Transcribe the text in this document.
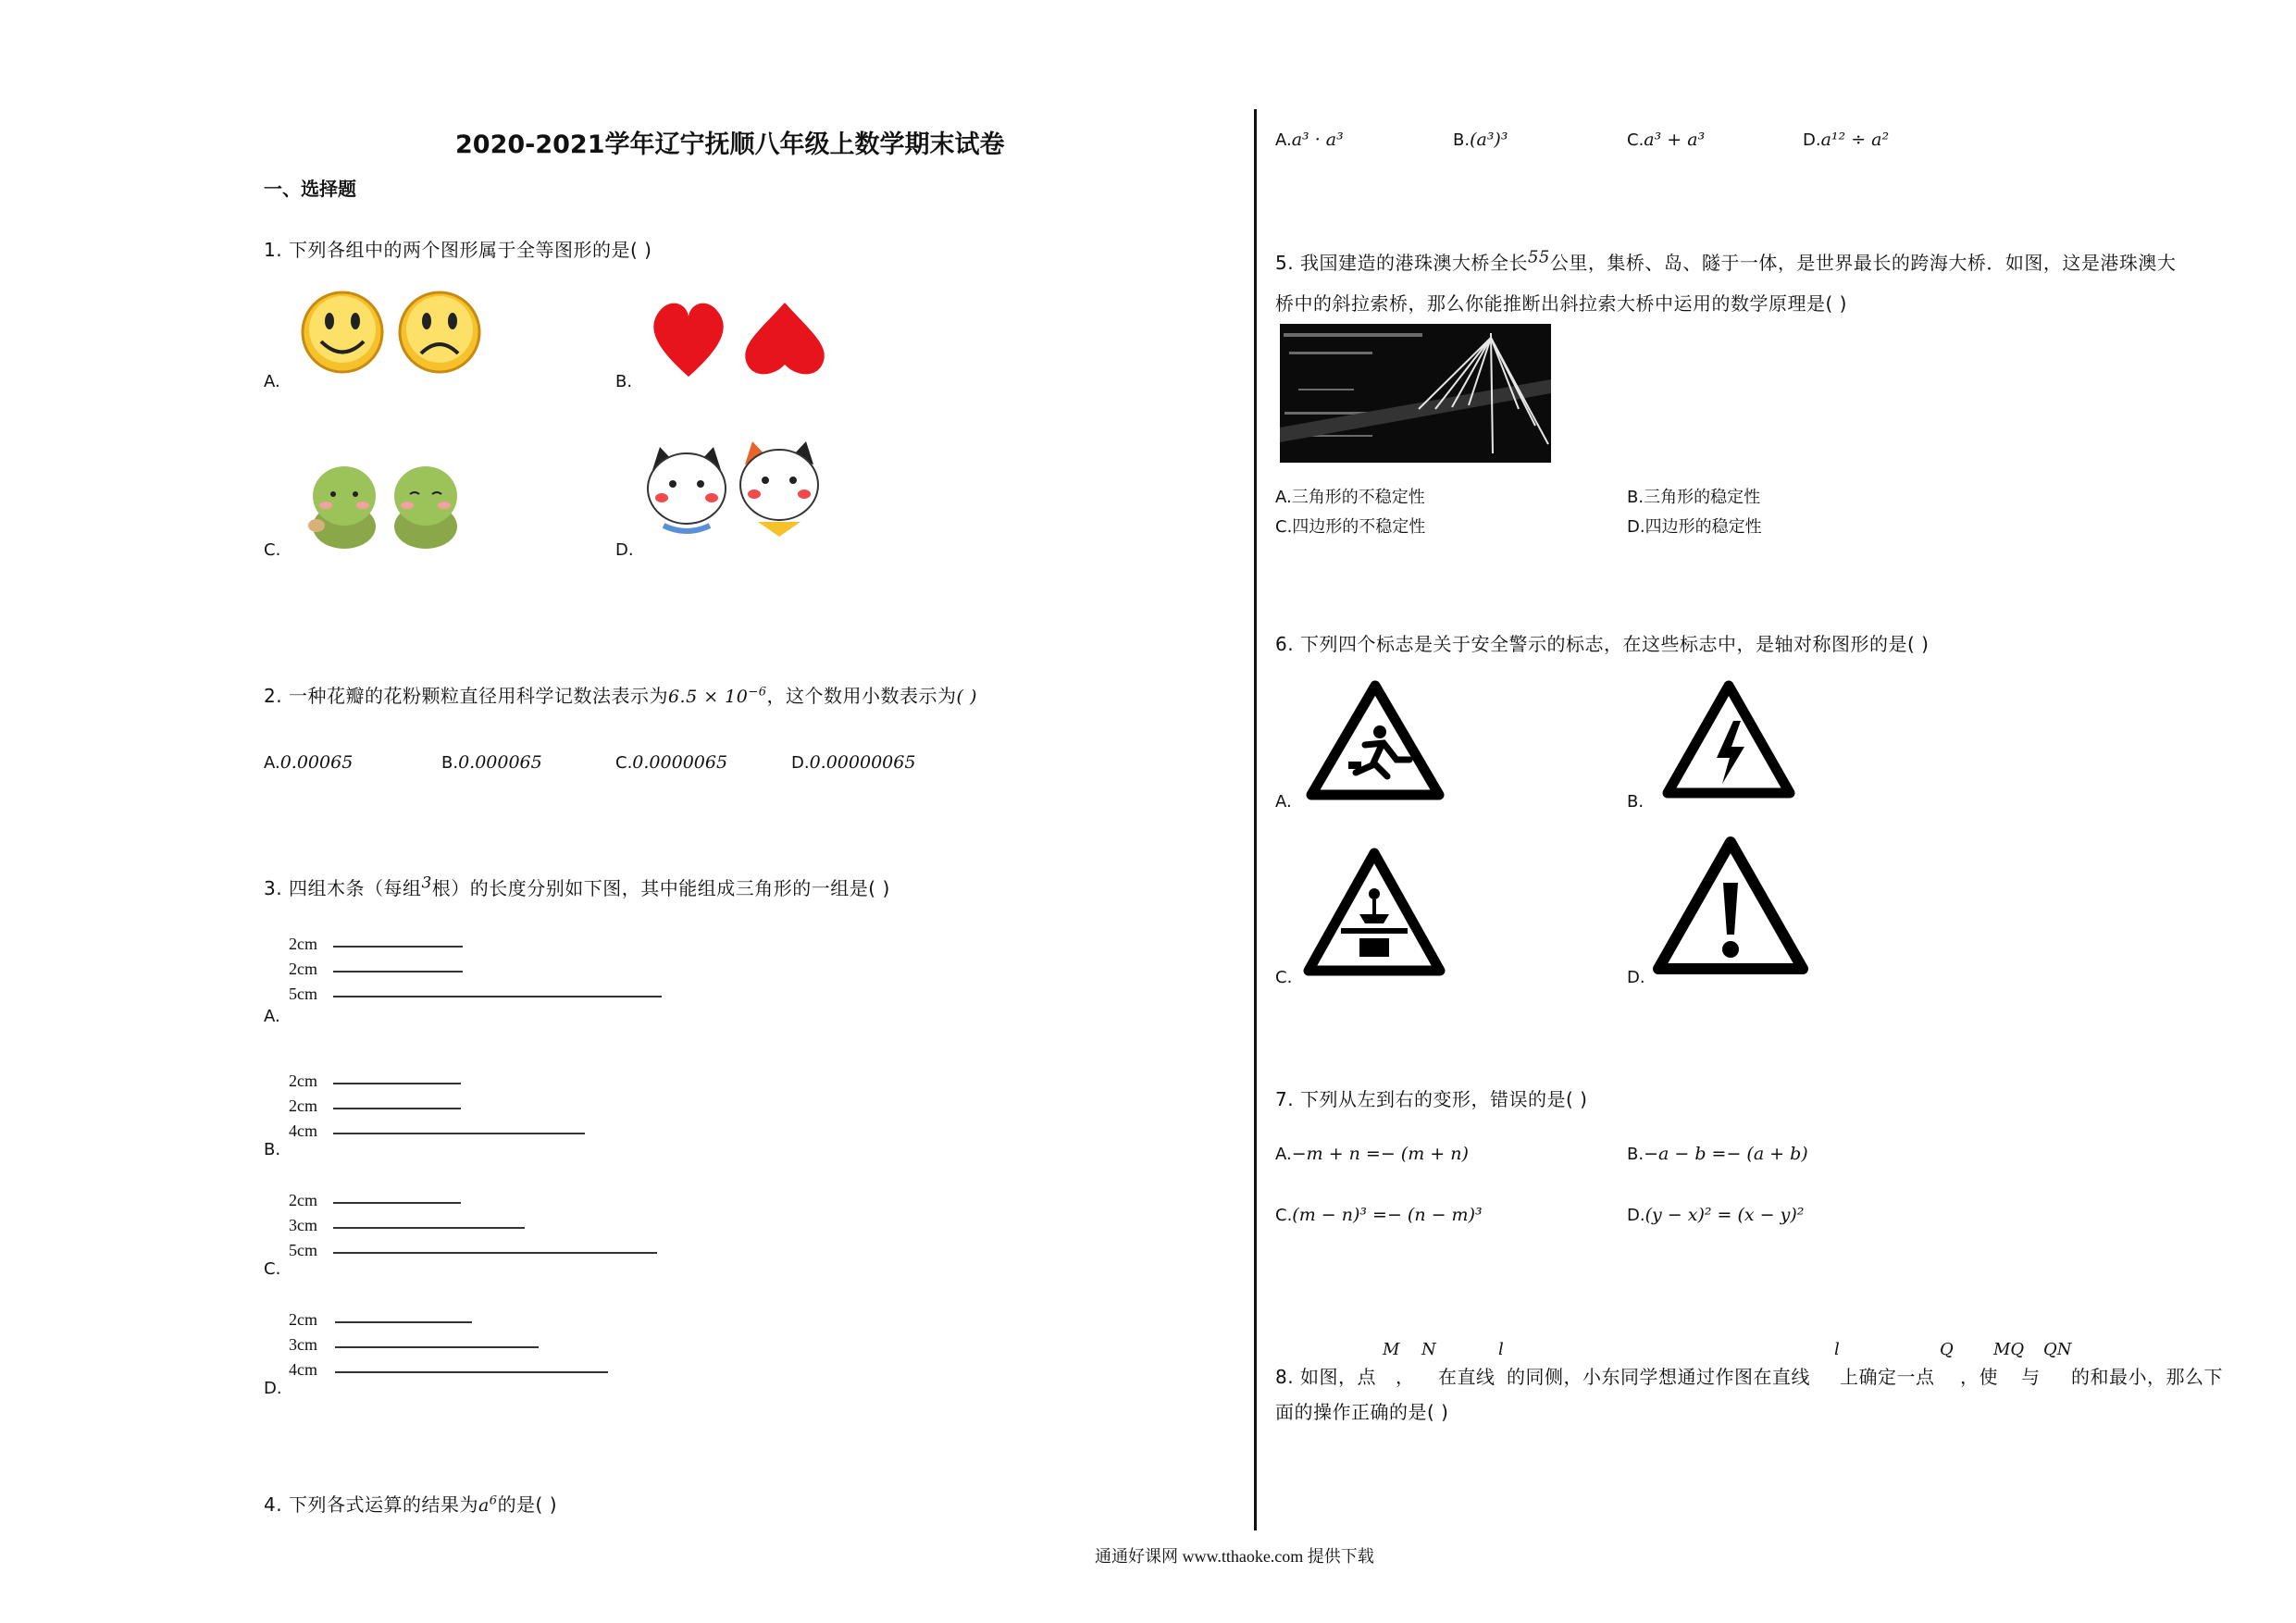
2020-2021学年辽宁抚顺八年级上数学期末试卷
一、选择题
1. 下列各组中的两个图形属于全等图形的是( )
A.	B.
C.	D.
2. 一种花瓣的花粉颗粒直径用科学记数法表示为$6.5 \times 10^{-6}$，这个数用小数表示为( )
A.0.00065	B.0.000065	C.0.0000065	D.0.00000065
3. 四组木条（每组$^3$根）的长度分别如下图，其中能组成三角形的一组是( )
A.
2cm
2cm
5cm
B.
2cm
2cm
4cm
C.
2cm
3cm
5cm
D.
2cm
3cm
4cm
4. 下列各式运算的结果为$a^6$的是( )
A.a³ · a³	B.(a³)³	C.a³ + a³	D.a¹² ÷ a²
5. 我国建造的港珠澳大桥全长55公里，集桥、岛、隧于一体，是世界最长的跨海大桥．如图，这是港珠澳大
桥中的斜拉索桥，那么你能推断出斜拉索大桥中运用的数学原理是( )
A.三角形的不稳定性	B.三角形的稳定性
C.四边形的不稳定性	D.四边形的稳定性
6. 下列四个标志是关于安全警示的标志，在这些标志中，是轴对称图形的是( )
A.	B.
C.	D.
7. 下列从左到右的变形，错误的是( )
A.−m + n =− (m + n)	B.−a − b =− (a + b)
C.(m − n)³ =− (n − m)³	D.(y − x)² = (x − y)²
8. 如图，点
M N
， 在直线
l
的同侧，小东同学想通过作图在直线
l
上确定一点
Q
，使
MQ
与
QN
的和最小，那么下
面的操作正确的是( )
通通好课网 www.tthaoke.com 提供下载
